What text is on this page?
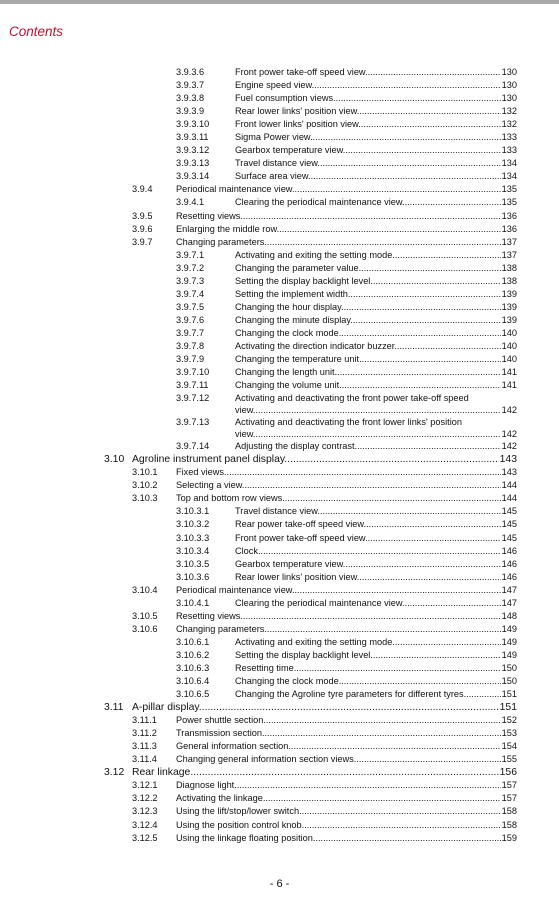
Contents
3.9.3.6	Front power take-off speed view .....	130
3.9.3.7	Engine speed view .....	130
3.9.3.8	Fuel consumption views .....	130
3.9.3.9	Rear lower links' position view .....	132
3.9.3.10	Front lower links' position view .....	132
3.9.3.11	Sigma Power view .....	133
3.9.3.12	Gearbox temperature view .....	133
3.9.3.13	Travel distance view .....	134
3.9.3.14	Surface area view .....	134
3.9.4	Periodical maintenance view .....	135
3.9.4.1	Clearing the periodical maintenance view .....	135
3.9.5	Resetting views .....	136
3.9.6	Enlarging the middle row .....	136
3.9.7	Changing parameters .....	137
3.9.7.1	Activating and exiting the setting mode .....	137
3.9.7.2	Changing the parameter value .....	138
3.9.7.3	Setting the display backlight level .....	138
3.9.7.4	Setting the implement width .....	139
3.9.7.5	Changing the hour display .....	139
3.9.7.6	Changing the minute display .....	139
3.9.7.7	Changing the clock mode .....	140
3.9.7.8	Activating the direction indicator buzzer .....	140
3.9.7.9	Changing the temperature unit .....	140
3.9.7.10	Changing the length unit .....	141
3.9.7.11	Changing the volume unit .....	141
3.9.7.12	Activating and deactivating the front power take-off speed
view .....	142
3.9.7.13	Activating and deactivating the front lower links' position
view .....	142
3.9.7.14	Adjusting the display contrast .....	142
3.10 Agroline instrument panel display .....	143
3.10.1 Fixed views .....	143
3.10.2 Selecting a view .....	144
3.10.3 Top and bottom row views .....	144
3.10.3.1	Travel distance view .....	145
3.10.3.2	Rear power take-off speed view .....	145
3.10.3.3	Front power take-off speed view .....	145
3.10.3.4	Clock .....	146
3.10.3.5	Gearbox temperature view .....	146
3.10.3.6	Rear lower links' position view .....	146
3.10.4 Periodical maintenance view .....	147
3.10.4.1	Clearing the periodical maintenance view .....	147
3.10.5 Resetting views .....	148
3.10.6 Changing parameters .....	149
3.10.6.1	Activating and exiting the setting mode .....	149
3.10.6.2	Setting the display backlight level .....	149
3.10.6.3	Resetting time .....	150
3.10.6.4	Changing the clock mode .....	150
3.10.6.5	Changing the Agroline tyre parameters for different tyres .....	151
3.11 A-pillar display .....	151
3.11.1 Power shuttle section .....	152
3.11.2 Transmission section .....	153
3.11.3 General information section .....	154
3.11.4 Changing general information section views .....	155
3.12 Rear linkage .....	156
3.12.1 Diagnose light .....	157
3.12.2 Activating the linkage .....	157
3.12.3 Using the lift/stop/lower switch .....	158
3.12.4 Using the position control knob .....	158
3.12.5 Using the linkage floating position .....	159
- 6 -
